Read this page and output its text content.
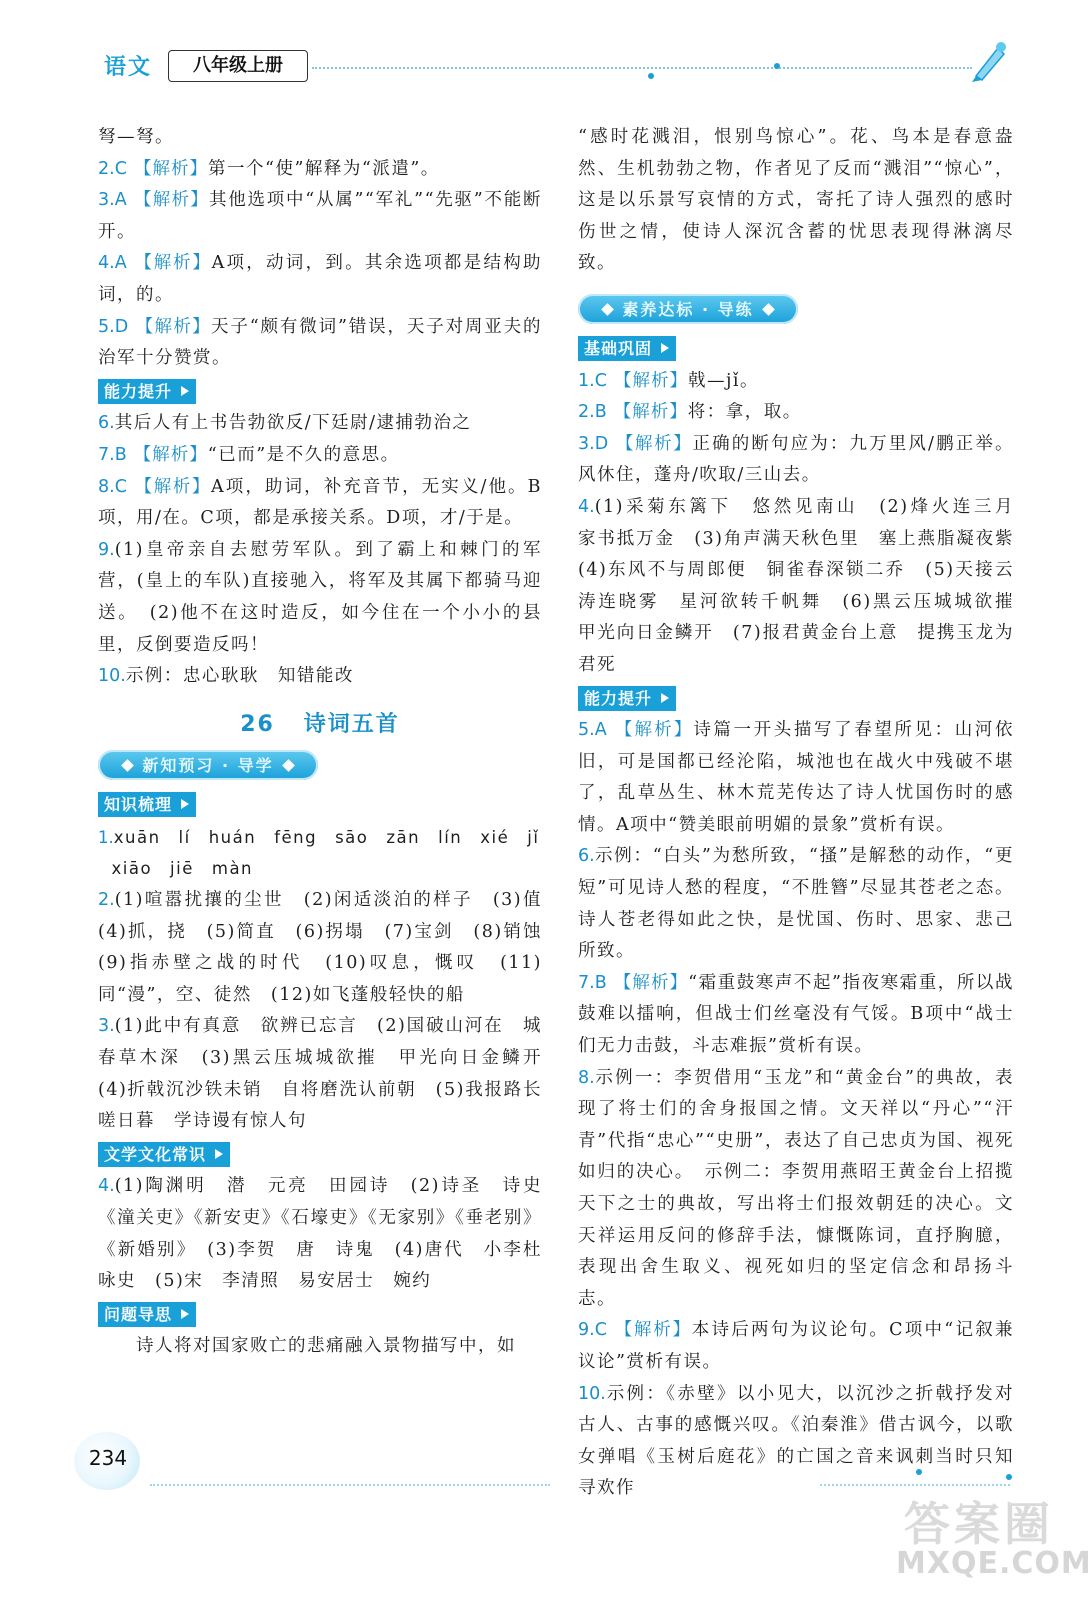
语文	八年级上册

弩—弩。

2.C 【解析】第一个“使”解释为“派遣”。

3.A 【解析】其他选项中“从属”“军礼”“先驱”不能断开。

4.A 【解析】A项，动词，到。其余选项都是结构助词，的。

5.D 【解析】天子“颇有微词”错误，天子对周亚夫的治军十分赞赏。

能力提升

6.其后人有上书告勃欲反/下廷尉/逮捕勃治之

7.B 【解析】“已而”是不久的意思。

8.C 【解析】A项，助词，补充音节，无实义/他。B项，用/在。C项，都是承接关系。D项，才/于是。

9.(1)皇帝亲自去慰劳军队。到了霸上和棘门的军营，(皇上的车队)直接驰入，将军及其属下都骑马迎送。　(2)他不在这时造反，如今住在一个小小的县里，反倒要造反吗！

10.示例：忠心耿耿　知错能改

26 诗词五首
新知预习 · 导学
知识梳理

1.xuān　lí　huán　fēng　sāo　zān　lín　xié　jǐ
xiāo　jiē　màn

2.(1)喧嚣扰攘的尘世　(2)闲适淡泊的样子　(3)值　(4)抓，挠　(5)简直　(6)拐塌　(7)宝剑　(8)销蚀　(9)指赤壁之战的时代　(10)叹息，慨叹　(11)同“漫”，空、徒然　(12)如飞蓬般轻快的船

3.(1)此中有真意　欲辨已忘言　(2)国破山河在　城春草木深　(3)黑云压城城欲摧　甲光向日金鳞开　(4)折戟沉沙铁未销　自将磨洗认前朝　(5)我报路长嗟日暮　学诗谩有惊人句

文学文化常识

4.(1)陶渊明　潜　元亮　田园诗　(2)诗圣　诗史　《潼关吏》《新安吏》《石壕吏》《无家别》《垂老别》《新婚别》　(3)李贺　唐　诗鬼　(4)唐代　小李杜　咏史　(5)宋　李清照　易安居士　婉约

问题导思

诗人将对国家败亡的悲痛融入景物描写中，如

“感时花溅泪，恨别鸟惊心”。花、鸟本是春意盎然、生机勃勃之物，作者见了反而“溅泪”“惊心”，这是以乐景写哀情的方式，寄托了诗人强烈的感时伤世之情，使诗人深沉含蓄的忧思表现得淋漓尽致。

素养达标 · 导练
基础巩固

1.C 【解析】戟—jǐ。

2.B 【解析】将：拿，取。

3.D 【解析】正确的断句应为：九万里风/鹏正举。风休住，蓬舟/吹取/三山去。

4.(1)采菊东篱下　悠然见南山　(2)烽火连三月　家书抵万金　(3)角声满天秋色里　塞上燕脂凝夜紫　(4)东风不与周郎便　铜雀春深锁二乔　(5)天接云涛连晓雾　星河欲转千帆舞　(6)黑云压城城欲摧　甲光向日金鳞开　(7)报君黄金台上意　提携玉龙为君死

能力提升

5.A 【解析】诗篇一开头描写了春望所见：山河依旧，可是国都已经沦陷，城池也在战火中残破不堪了，乱草丛生、林木荒芜传达了诗人忧国伤时的感情。A项中“赞美眼前明媚的景象”赏析有误。

6.示例：“白头”为愁所致，“搔”是解愁的动作，“更短”可见诗人愁的程度，“不胜簪”尽显其苍老之态。诗人苍老得如此之快，是忧国、伤时、思家、悲己所致。

7.B 【解析】“霜重鼓寒声不起”指夜寒霜重，所以战鼓难以擂响，但战士们丝毫没有气馁。B项中“战士们无力击鼓，斗志难振”赏析有误。

8.示例一：李贺借用“玉龙”和“黄金台”的典故，表现了将士们的舍身报国之情。文天祥以“丹心”“汗青”代指“忠心”“史册”，表达了自己忠贞为国、视死如归的决心。　示例二：李贺用燕昭王黄金台上招揽天下之士的典故，写出将士们报效朝廷的决心。文天祥运用反问的修辞手法，慷慨陈词，直抒胸臆，表现出舍生取义、视死如归的坚定信念和昂扬斗志。

9.C 【解析】本诗后两句为议论句。C项中“记叙兼议论”赏析有误。

10.示例：《赤壁》以小见大，以沉沙之折戟抒发对古人、古事的感慨兴叹。《泊秦淮》借古讽今，以歌女弹唱《玉树后庭花》的亡国之音来讽刺当时只知寻欢作

234
答案圈
MXQE.COM
